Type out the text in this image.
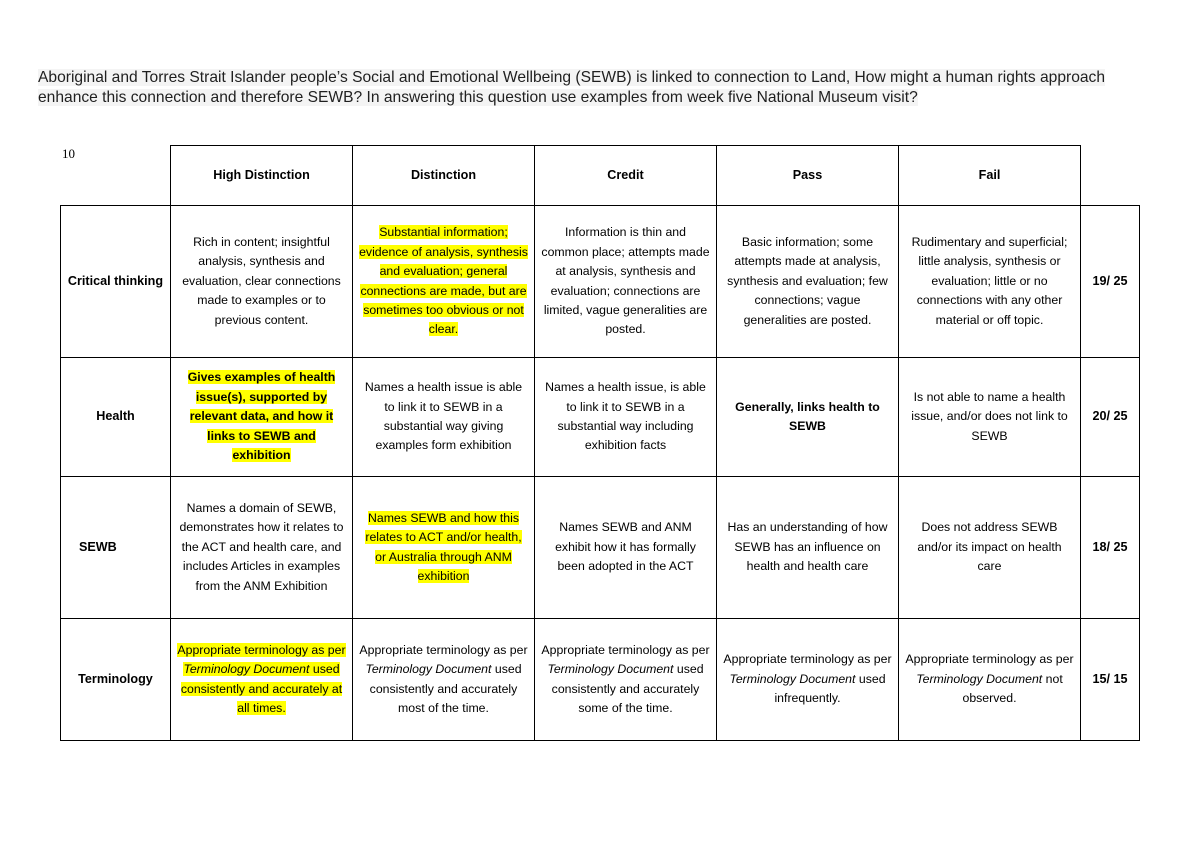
Aboriginal and Torres Strait Islander people’s Social and Emotional Wellbeing (SEWB) is linked to connection to Land, How might a human rights approach enhance this connection and therefore SEWB? In answering this question use examples from week five National Museum visit?
10
	High Distinction	Distinction	Credit	Pass	Fail	
Critical thinking	Rich in content; insightful analysis, synthesis and evaluation, clear connections made to examples or to previous content.	Substantial information; evidence of analysis, synthesis and evaluation; general connections are made, but are sometimes too obvious or not clear.	Information is thin and common place; attempts made at analysis, synthesis and evaluation; connections are limited, vague generalities are posted.	Basic information; some attempts made at analysis, synthesis and evaluation; few connections; vague generalities are posted.	Rudimentary and superficial; little analysis, synthesis or evaluation; little or no connections with any other material or off topic.	19/ 25
Health	Gives examples of health issue(s), supported by relevant data, and how it links to SEWB and exhibition	Names a health issue is able to link it to SEWB in a substantial way giving examples form exhibition	Names a health issue, is able to link it to SEWB in a substantial way including exhibition facts	Generally, links health to SEWB	Is not able to name a health issue, and/or does not link to SEWB	20/ 25
SEWB	Names a domain of SEWB, demonstrates how it relates to the ACT and health care, and includes Articles in examples from the ANM Exhibition	Names SEWB and how this relates to ACT and/or health, or Australia through ANM exhibition	Names SEWB and ANM exhibit how it has formally been adopted in the ACT	Has an understanding of how SEWB has an influence on health and health care	Does not address SEWB and/or its impact on health care	18/ 25
Terminology	Appropriate terminology as per Terminology Document used consistently and accurately at all times.	Appropriate terminology as per Terminology Document used consistently and accurately most of the time.	Appropriate terminology as per Terminology Document used consistently and accurately some of the time.	Appropriate terminology as per Terminology Document used infrequently.	Appropriate terminology as per Terminology Document not observed.	15/ 15
